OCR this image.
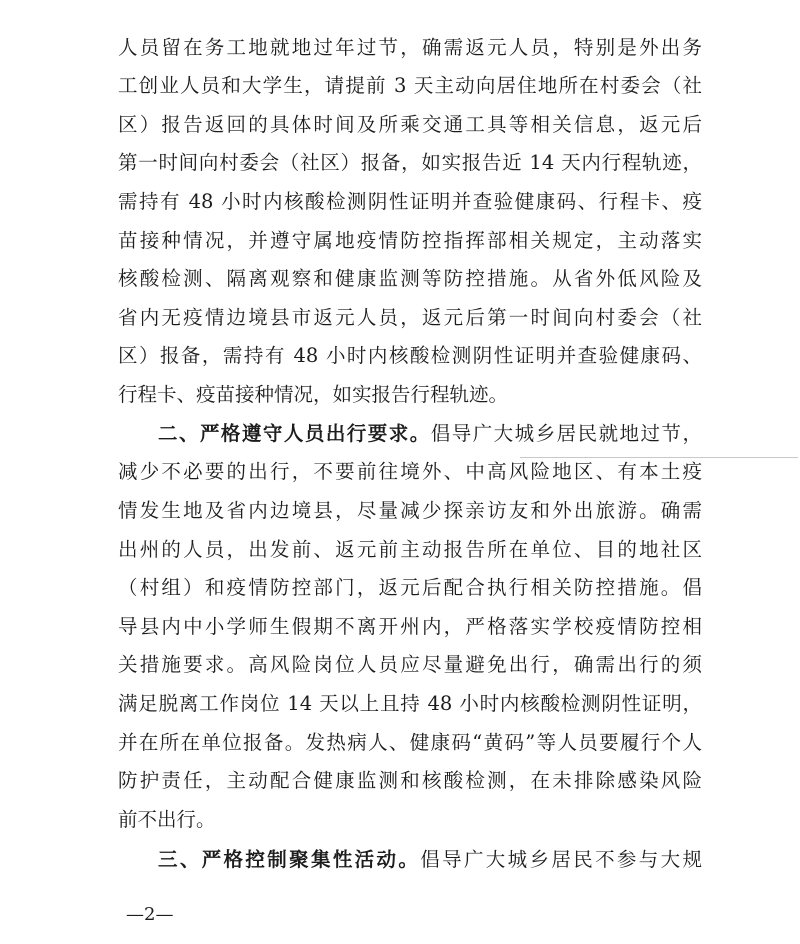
人员留在务工地就地过年过节，确需返元人员，特别是外出务
工创业人员和大学生，请提前 3 天主动向居住地所在村委会（社
区）报告返回的具体时间及所乘交通工具等相关信息，返元后
第一时间向村委会（社区）报备，如实报告近 14 天内行程轨迹，
需持有 48 小时内核酸检测阴性证明并查验健康码、行程卡、疫
苗接种情况，并遵守属地疫情防控指挥部相关规定，主动落实
核酸检测、隔离观察和健康监测等防控措施。从省外低风险及
省内无疫情边境县市返元人员，返元后第一时间向村委会（社
区）报备，需持有 48 小时内核酸检测阴性证明并查验健康码、
行程卡、疫苗接种情况，如实报告行程轨迹。
二、严格遵守人员出行要求。倡导广大城乡居民就地过节，
减少不必要的出行，不要前往境外、中高风险地区、有本土疫
情发生地及省内边境县，尽量减少探亲访友和外出旅游。确需
出州的人员，出发前、返元前主动报告所在单位、目的地社区
（村组）和疫情防控部门，返元后配合执行相关防控措施。倡
导县内中小学师生假期不离开州内，严格落实学校疫情防控相
关措施要求。高风险岗位人员应尽量避免出行，确需出行的须
满足脱离工作岗位 14 天以上且持 48 小时内核酸检测阴性证明，
并在所在单位报备。发热病人、健康码“黄码”等人员要履行个人
防护责任，主动配合健康监测和核酸检测，在未排除感染风险
前不出行。
三、严格控制聚集性活动。倡导广大城乡居民不参与大规
—2—
